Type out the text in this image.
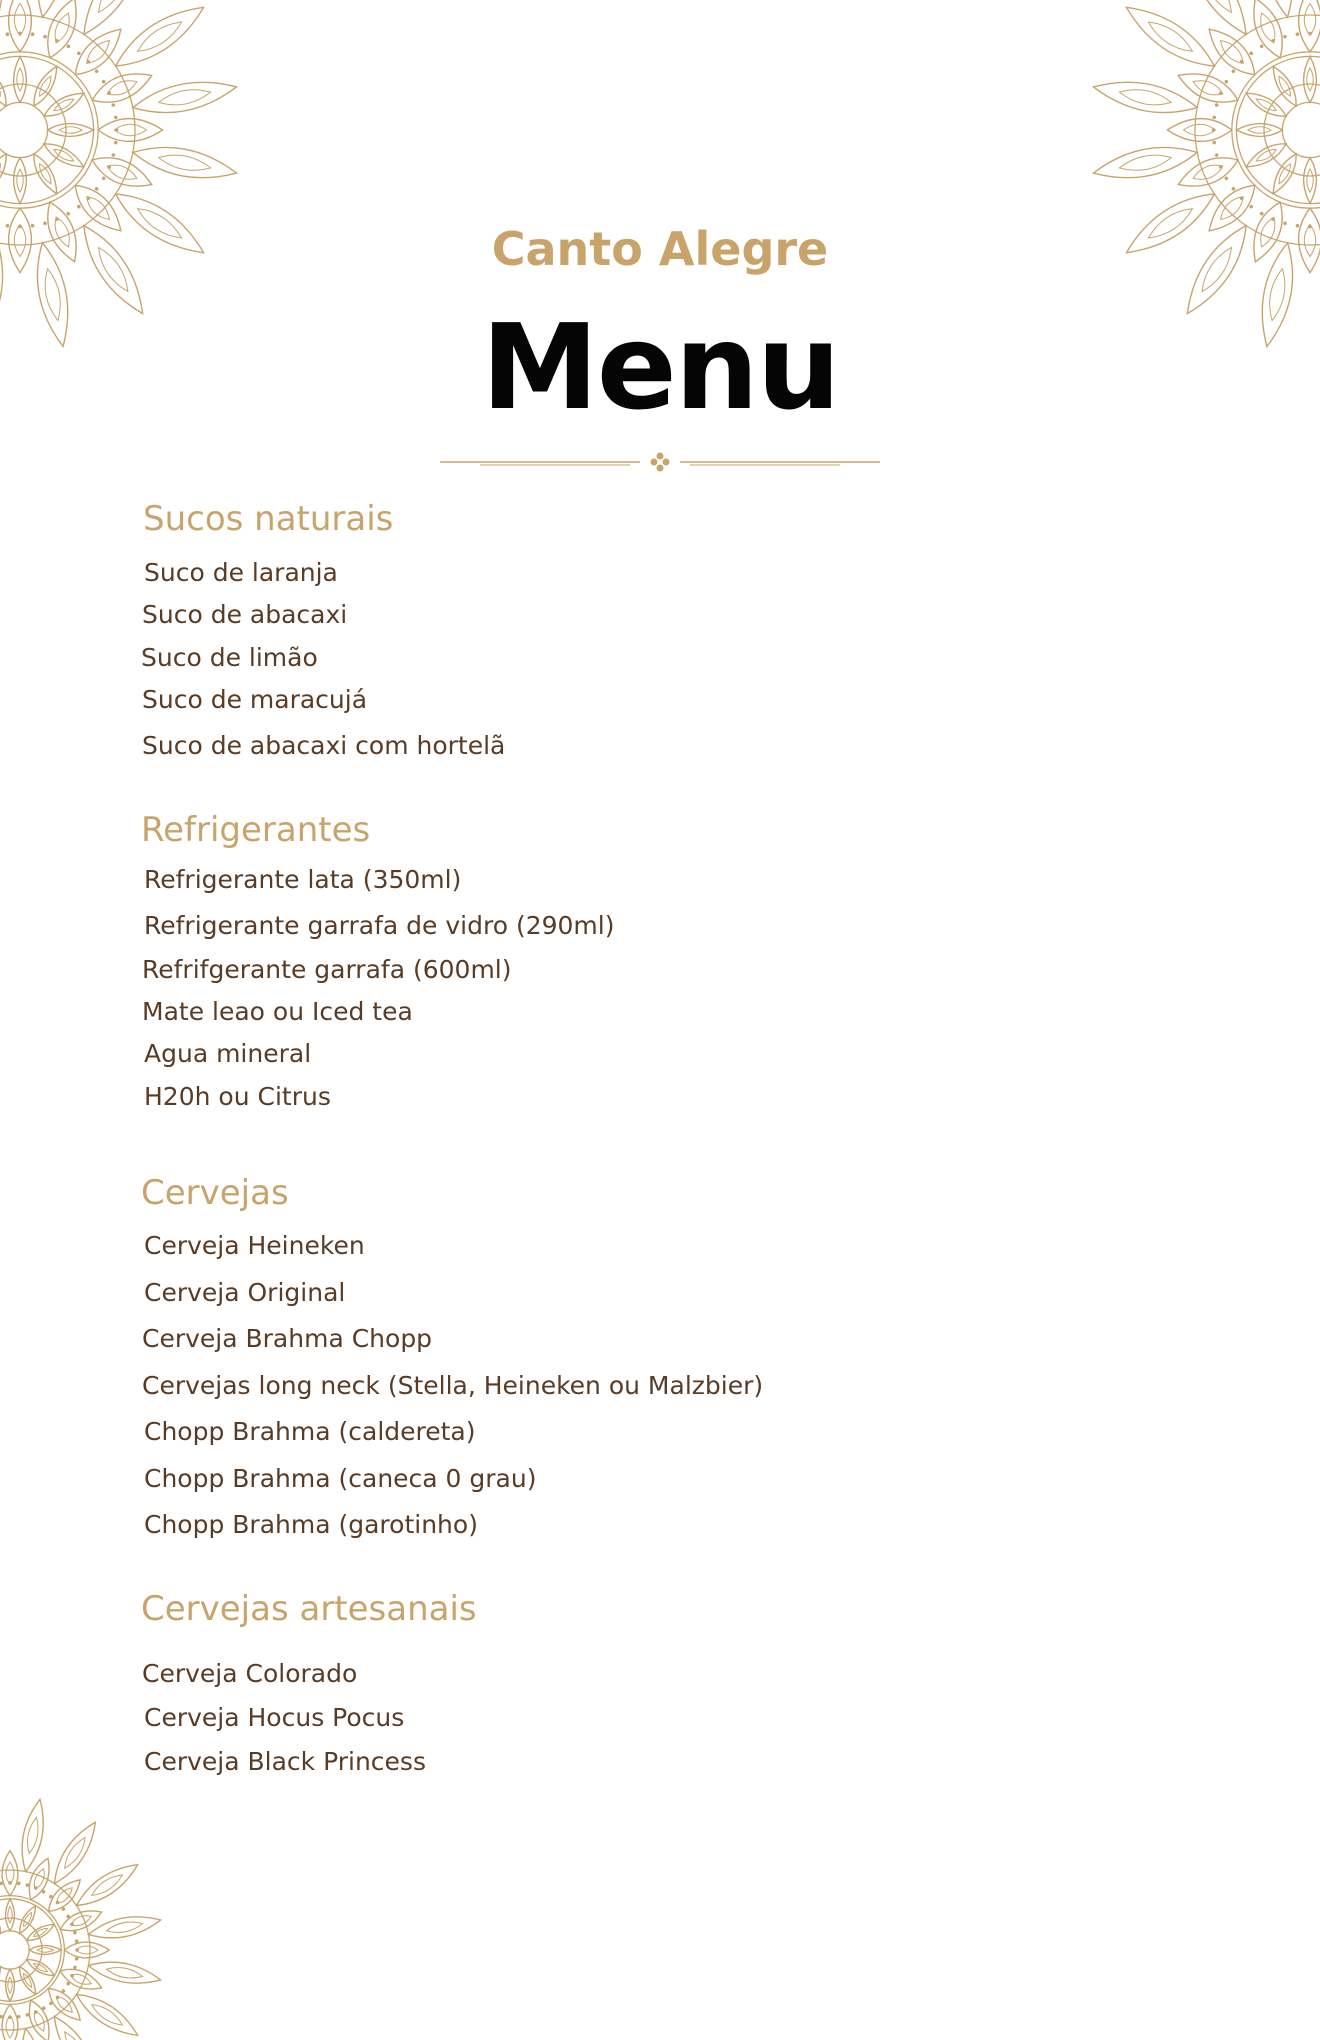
Canto Alegre
Menu
Sucos naturais

Suco de laranja

Suco de abacaxi

Suco de limão

Suco de maracujá

Suco de abacaxi com hortelã

Refrigerantes

Refrigerante lata (350ml)

Refrigerante garrafa de vidro (290ml)

Refrifgerante garrafa (600ml)

Mate leao ou Iced tea

Agua mineral

H20h ou Citrus

Cervejas

Cerveja Heineken

Cerveja Original

Cerveja Brahma Chopp

Cervejas long neck (Stella, Heineken ou Malzbier)

Chopp Brahma (caldereta)

Chopp Brahma (caneca 0 grau)

Chopp Brahma (garotinho)

Cervejas artesanais

Cerveja Colorado

Cerveja Hocus Pocus

Cerveja Black Princess
